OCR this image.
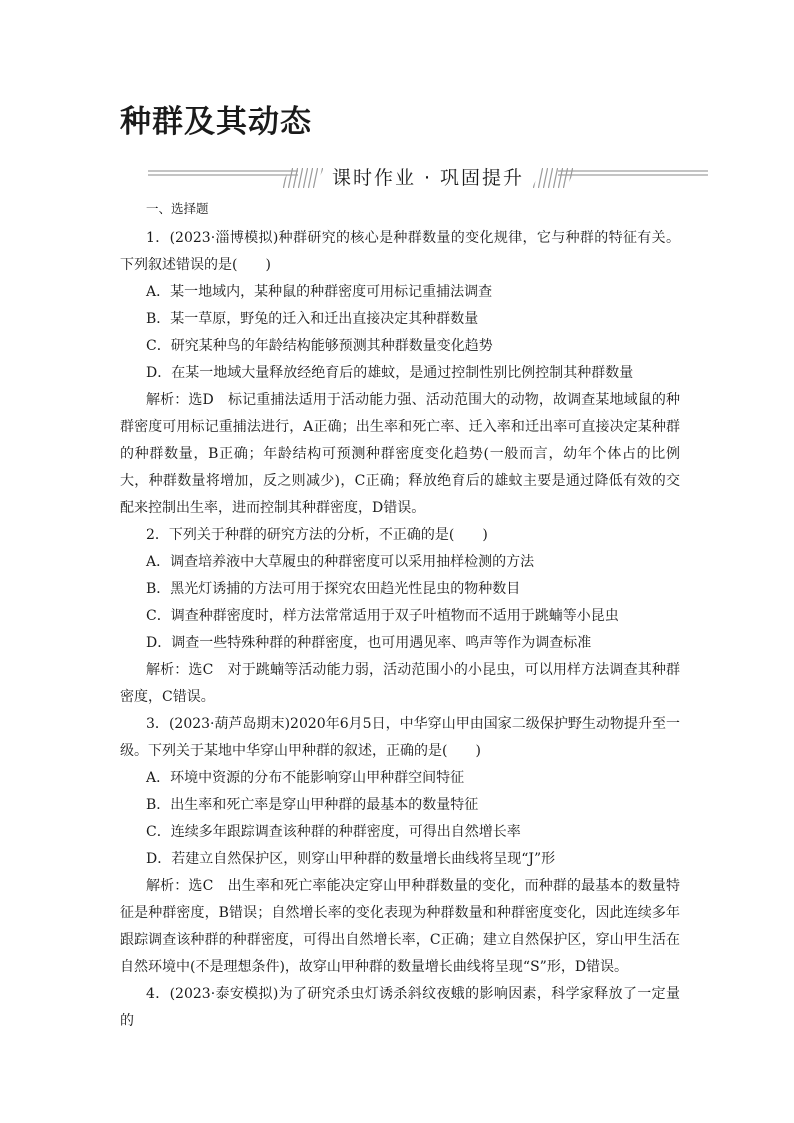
种群及其动态
课时作业 · 巩固提升
一、选择题

1．(2023·淄博模拟)种群研究的核心是种群数量的变化规律，它与种群的特征有关。下列叙述错误的是(　　)

A．某一地域内，某种鼠的种群密度可用标记重捕法调查

B．某一草原，野兔的迁入和迁出直接决定其种群数量

C．研究某种鸟的年龄结构能够预测其种群数量变化趋势

D．在某一地域大量释放经绝育后的雄蚊，是通过控制性别比例控制其种群数量

解析：选D　标记重捕法适用于活动能力强、活动范围大的动物，故调查某地域鼠的种群密度可用标记重捕法进行，A正确；出生率和死亡率、迁入率和迁出率可直接决定某种群的种群数量，B正确；年龄结构可预测种群密度变化趋势(一般而言，幼年个体占的比例大，种群数量将增加，反之则减少)，C正确；释放绝育后的雄蚊主要是通过降低有效的交配来控制出生率，进而控制其种群密度，D错误。

2．下列关于种群的研究方法的分析，不正确的是(　　)

A．调查培养液中大草履虫的种群密度可以采用抽样检测的方法

B．黑光灯诱捕的方法可用于探究农田趋光性昆虫的物种数目

C．调查种群密度时，样方法常常适用于双子叶植物而不适用于跳蝻等小昆虫

D．调查一些特殊种群的种群密度，也可用遇见率、鸣声等作为调查标准

解析：选C　对于跳蝻等活动能力弱，活动范围小的小昆虫，可以用样方法调查其种群密度，C错误。

3．(2023·葫芦岛期末)2020年6月5日，中华穿山甲由国家二级保护野生动物提升至一级。下列关于某地中华穿山甲种群的叙述，正确的是(　　)

A．环境中资源的分布不能影响穿山甲种群空间特征

B．出生率和死亡率是穿山甲种群的最基本的数量特征

C．连续多年跟踪调查该种群的种群密度，可得出自然增长率

D．若建立自然保护区，则穿山甲种群的数量增长曲线将呈现“J”形

解析：选C　出生率和死亡率能决定穿山甲种群数量的变化，而种群的最基本的数量特征是种群密度，B错误；自然增长率的变化表现为种群数量和种群密度变化，因此连续多年跟踪调查该种群的种群密度，可得出自然增长率，C正确；建立自然保护区，穿山甲生活在自然环境中(不是理想条件)，故穿山甲种群的数量增长曲线将呈现“S”形，D错误。

4．(2023·泰安模拟)为了研究杀虫灯诱杀斜纹夜蛾的影响因素，科学家释放了一定量的
